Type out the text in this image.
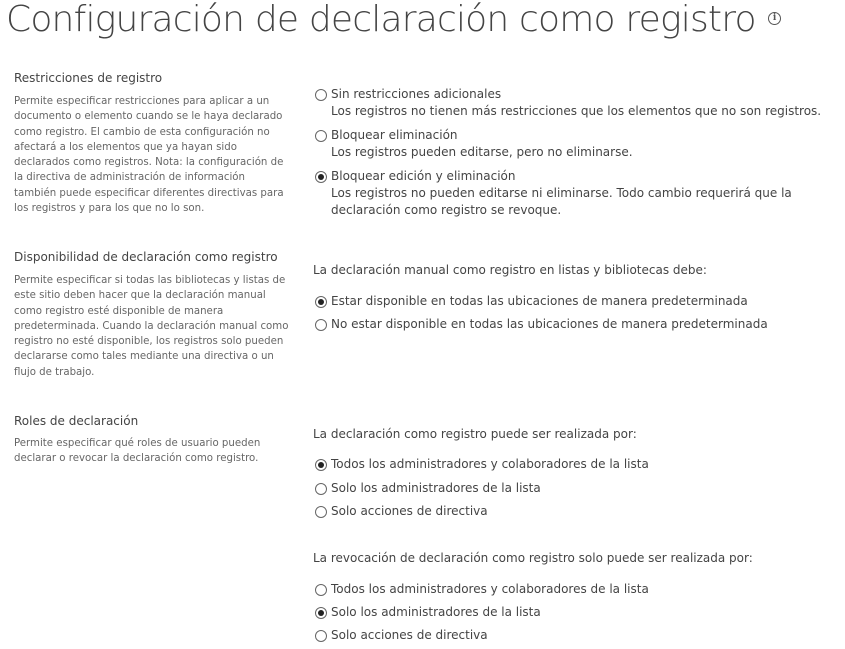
Configuración de declaración como registro i
Restricciones de registro
Permite especificar restricciones para aplicar a un documento o elemento cuando se le haya declarado como registro. El cambio de esta configuración no afectará a los elementos que ya hayan sido declarados como registros. Nota: la configuración de la directiva de administración de información también puede especificar diferentes directivas para los registros y para los que no lo son.
Sin restricciones adicionales
Los registros no tienen más restricciones que los elementos que no son registros.
Bloquear eliminación
Los registros pueden editarse, pero no eliminarse.
Bloquear edición y eliminación
Los registros no pueden editarse ni eliminarse. Todo cambio requerirá que la declaración como registro se revoque.
Disponibilidad de declaración como registro
Permite especificar si todas las bibliotecas y listas de este sitio deben hacer que la declaración manual como registro esté disponible de manera predeterminada. Cuando la declaración manual como registro no esté disponible, los registros solo pueden declararse como tales mediante una directiva o un flujo de trabajo.
La declaración manual como registro en listas y bibliotecas debe:
Estar disponible en todas las ubicaciones de manera predeterminada
No estar disponible en todas las ubicaciones de manera predeterminada
Roles de declaración
Permite especificar qué roles de usuario pueden declarar o revocar la declaración como registro.
La declaración como registro puede ser realizada por:
Todos los administradores y colaboradores de la lista
Solo los administradores de la lista
Solo acciones de directiva
La revocación de declaración como registro solo puede ser realizada por:
Todos los administradores y colaboradores de la lista
Solo los administradores de la lista
Solo acciones de directiva
